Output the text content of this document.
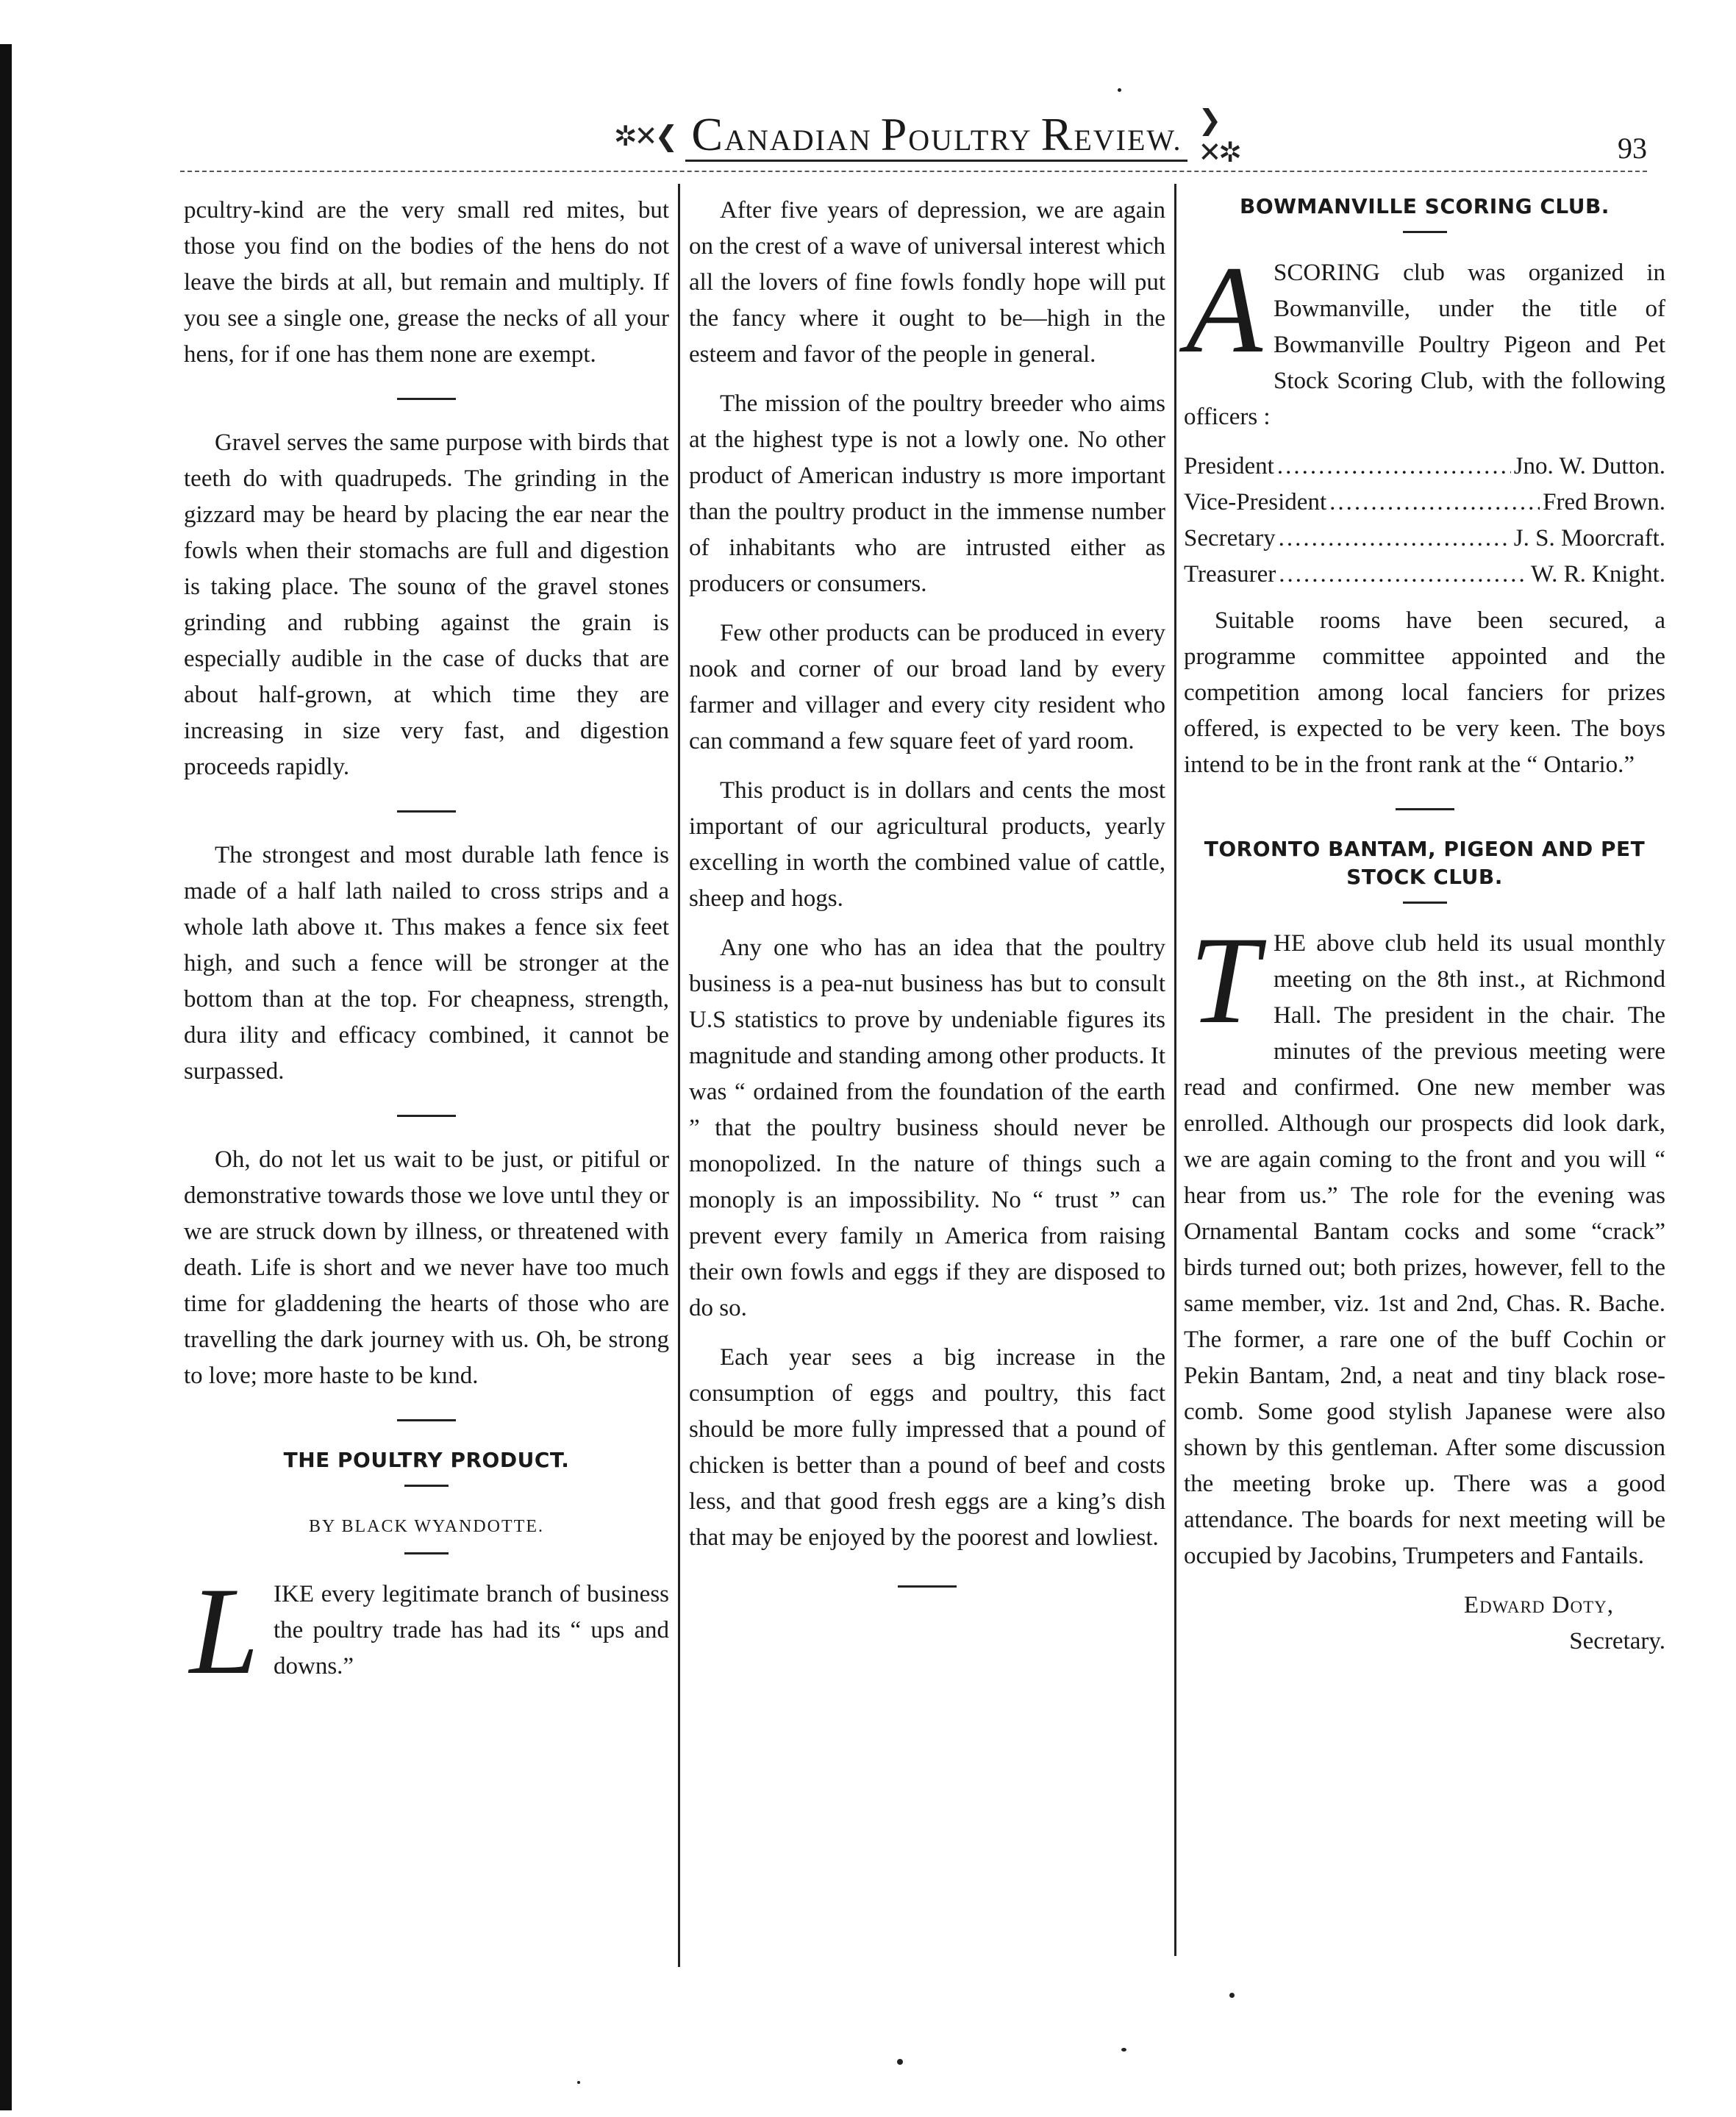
✲✕❮ C ANADIAN
P OULTRY
R EVIEW.
❯✕✲	93

pcultry-kind are the very small red mites, but those you find on the bodies of the hens do not leave the birds at all, but remain and multiply. If you see a single one, grease the necks of all your hens, for if one has them none are exempt.

Gravel serves the same purpose with birds that teeth do with quadrupeds. The grinding in the gizzard may be heard by placing the ear near the fowls when their stomachs are full and digestion is taking place. The sounα of the gravel stones grinding and rubbing against the grain is especially audible in the case of ducks that are about half-grown, at which time they are increasing in size very fast, and digestion proceeds rapidly.

The strongest and most durable lath fence is made of a half lath nailed to cross strips and a whole lath above ıt. Thıs makes a fence six feet high, and such a fence will be stronger at the bottom than at the top. For cheapness, strength, dura ility and efficacy combined, it cannot be surpassed.

Oh, do not let us wait to be just, or pitiful or demonstrative towards those we love untıl they or we are struck down by illness, or threatened with death. Life is short and we never have too much time for gladdening the hearts of those who are travelling the dark journey with us. Oh, be strong to love; more haste to be kınd.

THE POULTRY PRODUCT.
BY BLACK WYANDOTTE.

L IKE every legitimate branch of business the poultry trade has had its “ ups and downs.”

After five years of depression, we are again on the crest of a wave of universal interest which all the lovers of fine fowls fondly hope will put the fancy where it ought to be—high in the esteem and favor of the people in general.

The mission of the poultry breeder who aims at the highest type is not a lowly one. No other product of American industry ıs more important than the poultry product in the immense number of inhabitants who are intrusted either as producers or consumers.

Few other products can be produced in every nook and corner of our broad land by every farmer and villager and every city resident who can command a few square feet of yard room.

This product is in dollars and cents the most important of our agricultural products, yearly excelling in worth the combined value of cattle, sheep and hogs.

Any one who has an idea that the poultry business is a pea-nut business has but to consult U.S statistics to prove by undeniable figures its magnitude and standing among other products. It was “ ordained from the foundation of the earth ” that the poultry business should never be monopolized. In the nature of things such a monoply is an impossibility. No “ trust ” can prevent every family ın America from raising their own fowls and eggs if they are disposed to do so.

Each year sees a big increase in the consumption of eggs and poultry, this fact should be more fully impressed that a pound of chicken is better than a pound of beef and costs less, and that good fresh eggs are a king’s dish that may be enjoyed by the poorest and lowliest.

BOWMANVILLE SCORING CLUB.

A SCORING club was organized in Bowmanville, under the title of Bowmanville Poultry Pigeon and Pet Stock Scoring Club, with the following officers :

President .....	Jno. W. Dutton.
Vice-President .....	Fred Brown.
Secretary .....	J. S. Moorcraft.
Treasurer .....	W. R. Knight.

Suitable rooms have been secured, a programme committee appointed and the competition among local fanciers for prizes offered, is expected to be very keen. The boys intend to be in the front rank at the “ Ontario.”

TORONTO BANTAM, PIGEON AND PET STOCK CLUB.

T HE above club held its usual monthly meeting on the 8th inst., at Richmond Hall. The president in the chair. The minutes of the previous meeting were read and confirmed. One new member was enrolled. Although our prospects did look dark, we are again coming to the front and you will “ hear from us.” The role for the evening was Ornamental Bantam cocks and some “crack” birds turned out; both prizes, however, fell to the same member, viz. 1st and 2nd, Chas. R. Bache. The former, a rare one of the buff Cochin or Pekin Bantam, 2nd, a neat and tiny black rose-comb. Some good stylish Japanese were also shown by this gentleman. After some discussion the meeting broke up. There was a good attendance. The boards for next meeting will be occupied by Jacobins, Trumpeters and Fantails.

Edward Doty,
Secretary.
